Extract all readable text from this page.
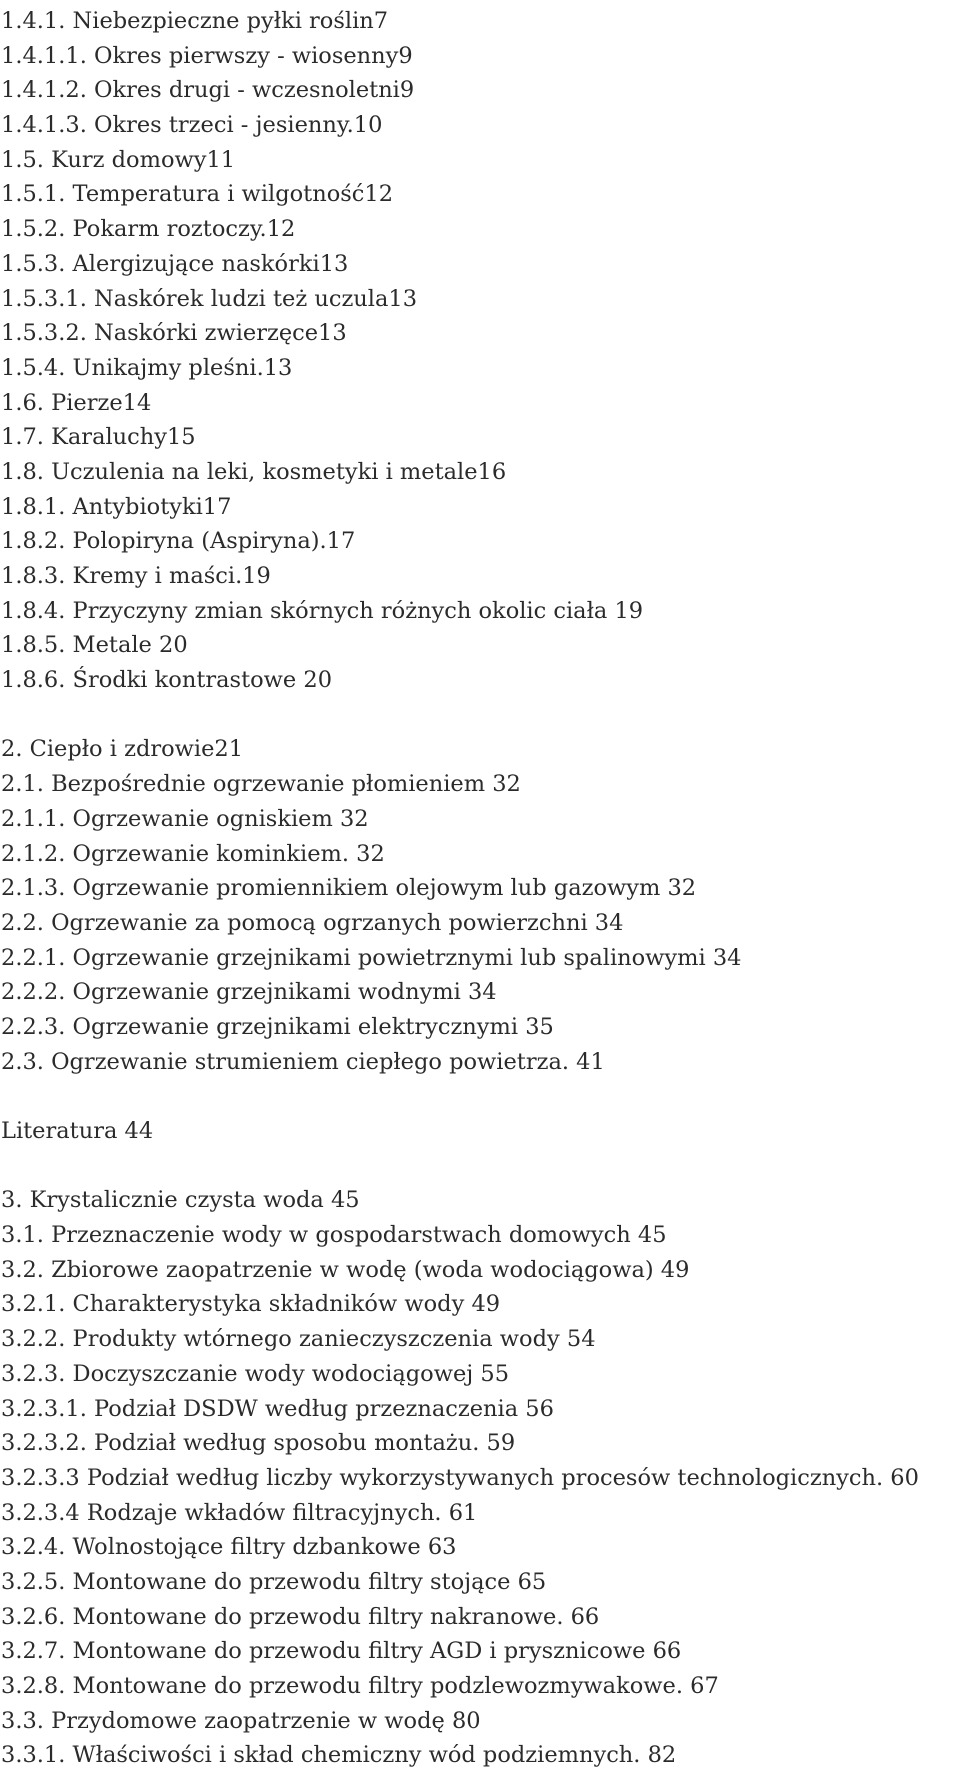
1.4.1. Niebezpieczne pyłki roślin7
1.4.1.1. Okres pierwszy - wiosenny9
1.4.1.2. Okres drugi - wczesnoletni9
1.4.1.3. Okres trzeci - jesienny.10
1.5. Kurz domowy11
1.5.1. Temperatura i wilgotność12
1.5.2. Pokarm roztoczy.12
1.5.3. Alergizujące naskórki13
1.5.3.1. Naskórek ludzi też uczula13
1.5.3.2. Naskórki zwierzęce13
1.5.4. Unikajmy pleśni.13
1.6. Pierze14
1.7. Karaluchy15
1.8. Uczulenia na leki, kosmetyki i metale16
1.8.1. Antybiotyki17
1.8.2. Polopiryna (Aspiryna).17
1.8.3. Kremy i maści.19
1.8.4. Przyczyny zmian skórnych różnych okolic ciała 19
1.8.5. Metale 20
1.8.6. Środki kontrastowe 20
2. Ciepło i zdrowie21
2.1. Bezpośrednie ogrzewanie płomieniem 32
2.1.1. Ogrzewanie ogniskiem 32
2.1.2. Ogrzewanie kominkiem. 32
2.1.3. Ogrzewanie promiennikiem olejowym lub gazowym 32
2.2. Ogrzewanie za pomocą ogrzanych powierzchni 34
2.2.1. Ogrzewanie grzejnikami powietrznymi lub spalinowymi 34
2.2.2. Ogrzewanie grzejnikami wodnymi 34
2.2.3. Ogrzewanie grzejnikami elektrycznymi 35
2.3. Ogrzewanie strumieniem ciepłego powietrza. 41
Literatura 44
3. Krystalicznie czysta woda 45
3.1. Przeznaczenie wody w gospodarstwach domowych 45
3.2. Zbiorowe zaopatrzenie w wodę (woda wodociągowa) 49
3.2.1. Charakterystyka składników wody 49
3.2.2. Produkty wtórnego zanieczyszczenia wody 54
3.2.3. Doczyszczanie wody wodociągowej 55
3.2.3.1. Podział DSDW według przeznaczenia 56
3.2.3.2. Podział według sposobu montażu. 59
3.2.3.3 Podział według liczby wykorzystywanych procesów technologicznych. 60
3.2.3.4 Rodzaje wkładów filtracyjnych. 61
3.2.4. Wolnostojące filtry dzbankowe 63
3.2.5. Montowane do przewodu filtry stojące 65
3.2.6. Montowane do przewodu filtry nakranowe. 66
3.2.7. Montowane do przewodu filtry AGD i prysznicowe 66
3.2.8. Montowane do przewodu filtry podzlewozmywakowe. 67
3.3. Przydomowe zaopatrzenie w wodę 80
3.3.1. Właściwości i skład chemiczny wód podziemnych. 82
